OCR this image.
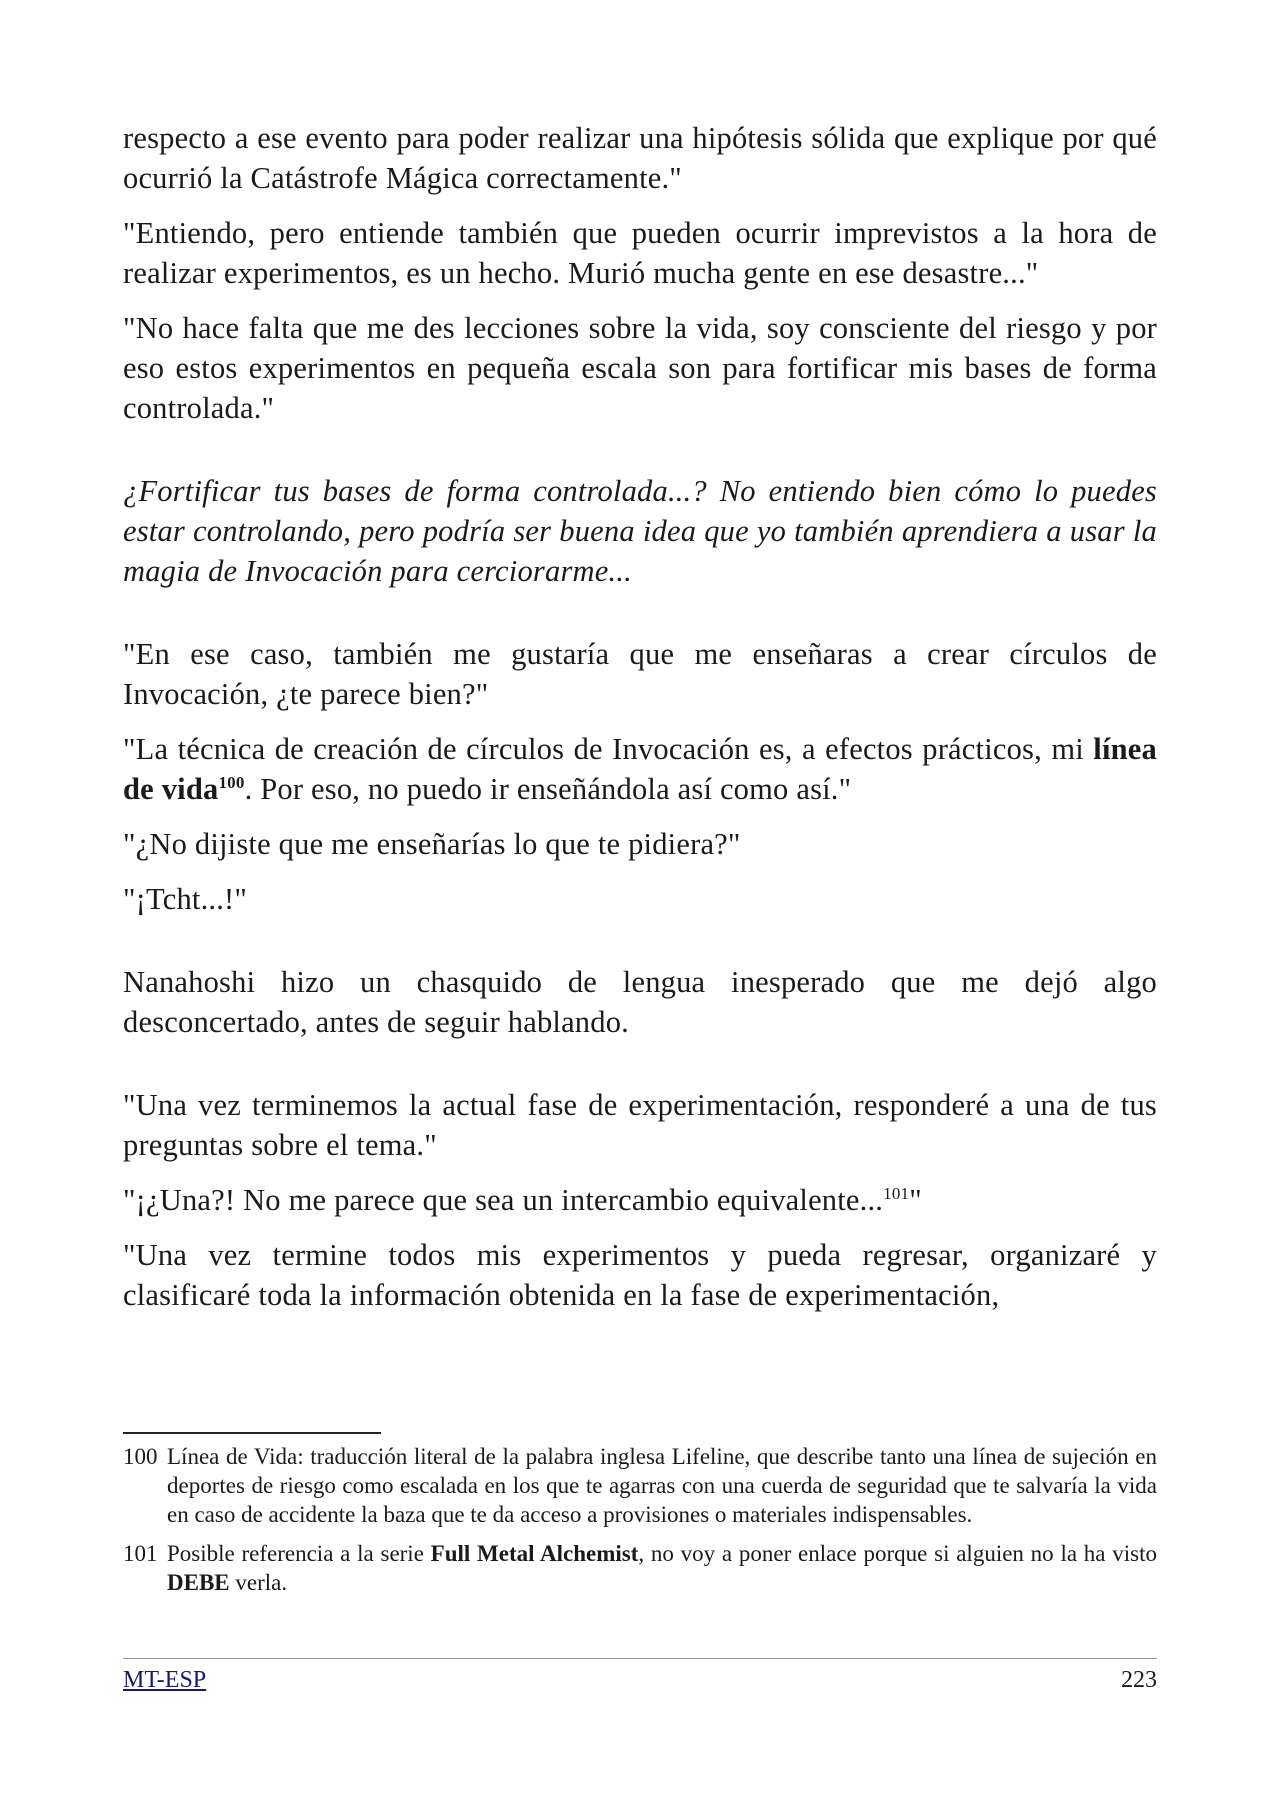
respecto a ese evento para poder realizar una hipótesis sólida que explique por qué ocurrió la Catástrofe Mágica correctamente."

"Entiendo, pero entiende también que pueden ocurrir imprevistos a la hora de realizar experimentos, es un hecho. Murió mucha gente en ese desastre..."

"No hace falta que me des lecciones sobre la vida, soy consciente del riesgo y por eso estos experimentos en pequeña escala son para fortificar mis bases de forma controlada."

¿Fortificar tus bases de forma controlada...? No entiendo bien cómo lo puedes estar controlando, pero podría ser buena idea que yo también aprendiera a usar la magia de Invocación para cerciorarme...

"En ese caso, también me gustaría que me enseñaras a crear círculos de Invocación, ¿te parece bien?"

"La técnica de creación de círculos de Invocación es, a efectos prácticos, mi línea de vida$^{100}$. Por eso, no puedo ir enseñándola así como así."

"¿No dijiste que me enseñarías lo que te pidiera?"

"¡Tcht...!"

Nanahoshi hizo un chasquido de lengua inesperado que me dejó algo desconcertado, antes de seguir hablando.

"Una vez terminemos la actual fase de experimentación, responderé a una de tus preguntas sobre el tema."

"¡¿Una?! No me parece que sea un intercambio equivalente...$^{101}$"

"Una vez termine todos mis experimentos y pueda regresar, organizaré y clasificaré toda la información obtenida en la fase de experimentación,

100 Línea de Vida: traducción literal de la palabra inglesa Lifeline, que describe tanto una línea de sujeción en deportes de riesgo como escalada en los que te agarras con una cuerda de seguridad que te salvaría la vida en caso de accidente la baza que te da acceso a provisiones o materiales indispensables.
101 Posible referencia a la serie Full Metal Alchemist, no voy a poner enlace porque si alguien no la ha visto DEBE verla.
MT-ESP	223
